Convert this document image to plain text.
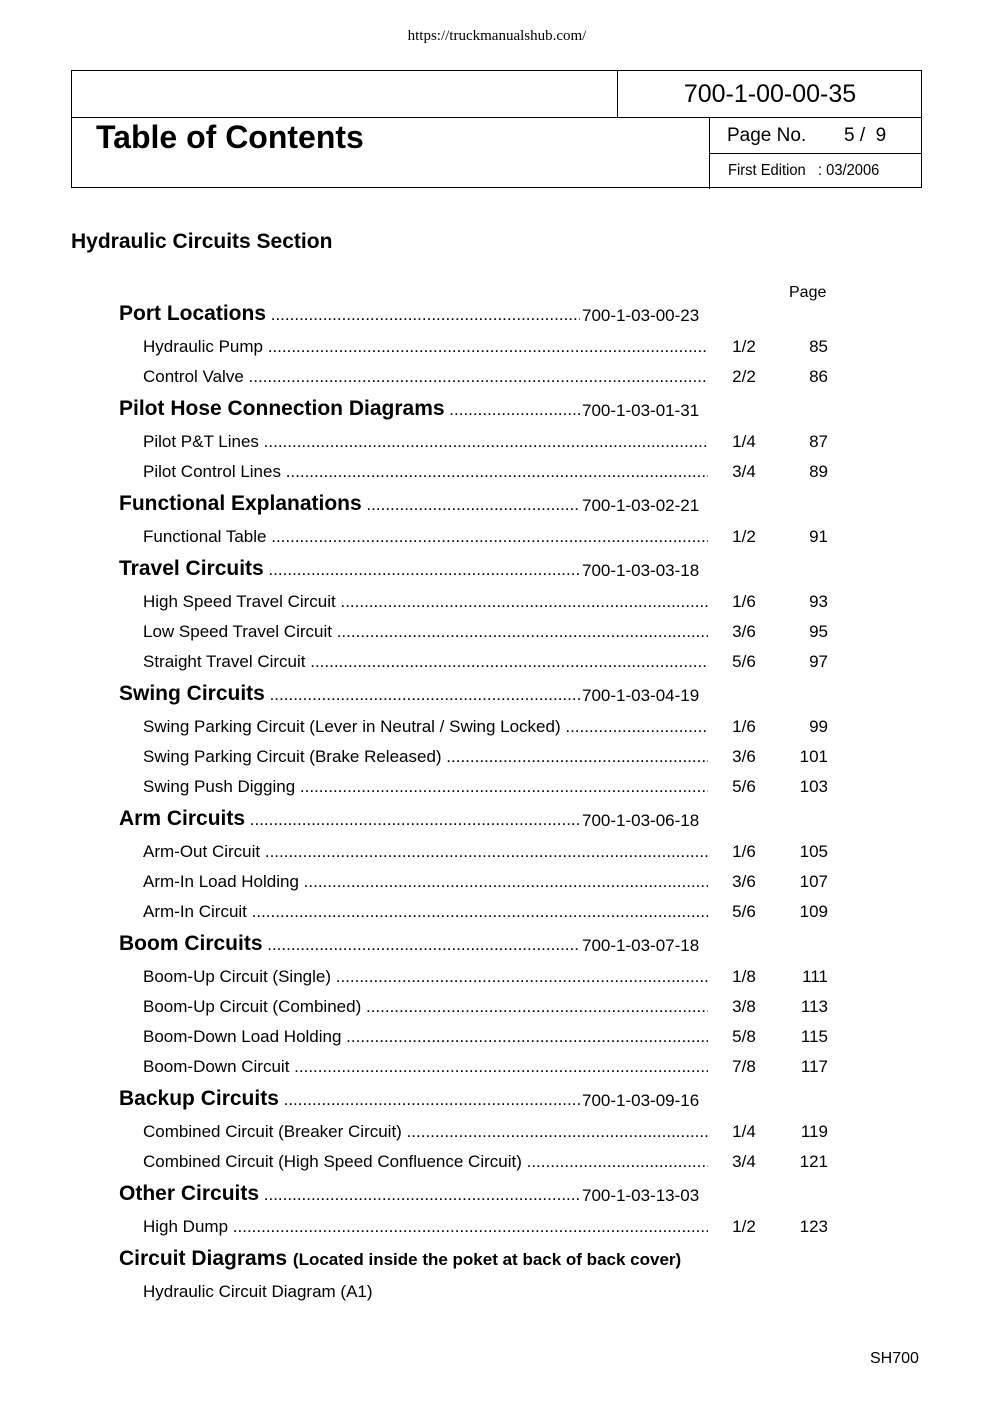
https://truckmanualshub.com/
700-1-00-00-35
Table of Contents	Page No. 5 /  9
First Edition   : 03/2006
Hydraulic Circuits Section
Page
Port Locations .....	700-1-03-00-23
Hydraulic Pump .....	1/2	85
Control Valve .....	2/2	86
Pilot Hose Connection Diagrams .....	700-1-03-01-31
Pilot P&T Lines .....	1/4	87
Pilot Control Lines .....	3/4	89
Functional Explanations .....	700-1-03-02-21
Functional Table .....	1/2	91
Travel Circuits .....	700-1-03-03-18
High Speed Travel Circuit .....	1/6	93
Low Speed Travel Circuit .....	3/6	95
Straight Travel Circuit .....	5/6	97
Swing Circuits .....	700-1-03-04-19
Swing Parking Circuit (Lever in Neutral / Swing Locked) .....	1/6	99
Swing Parking Circuit (Brake Released) .....	3/6	101
Swing Push Digging .....	5/6	103
Arm Circuits .....	700-1-03-06-18
Arm-Out Circuit .....	1/6	105
Arm-In Load Holding .....	3/6	107
Arm-In Circuit .....	5/6	109
Boom Circuits .....	700-1-03-07-18
Boom-Up Circuit (Single) .....	1/8	111
Boom-Up Circuit (Combined) .....	3/8	113
Boom-Down Load Holding .....	5/8	115
Boom-Down Circuit .....	7/8	117
Backup Circuits .....	700-1-03-09-16
Combined Circuit (Breaker Circuit) .....	1/4	119
Combined Circuit (High Speed Confluence Circuit) .....	3/4	121
Other Circuits .....	700-1-03-13-03
High Dump .....	1/2	123
Circuit Diagrams (Located inside the poket at back of back cover)
Hydraulic Circuit Diagram (A1)
SH700
